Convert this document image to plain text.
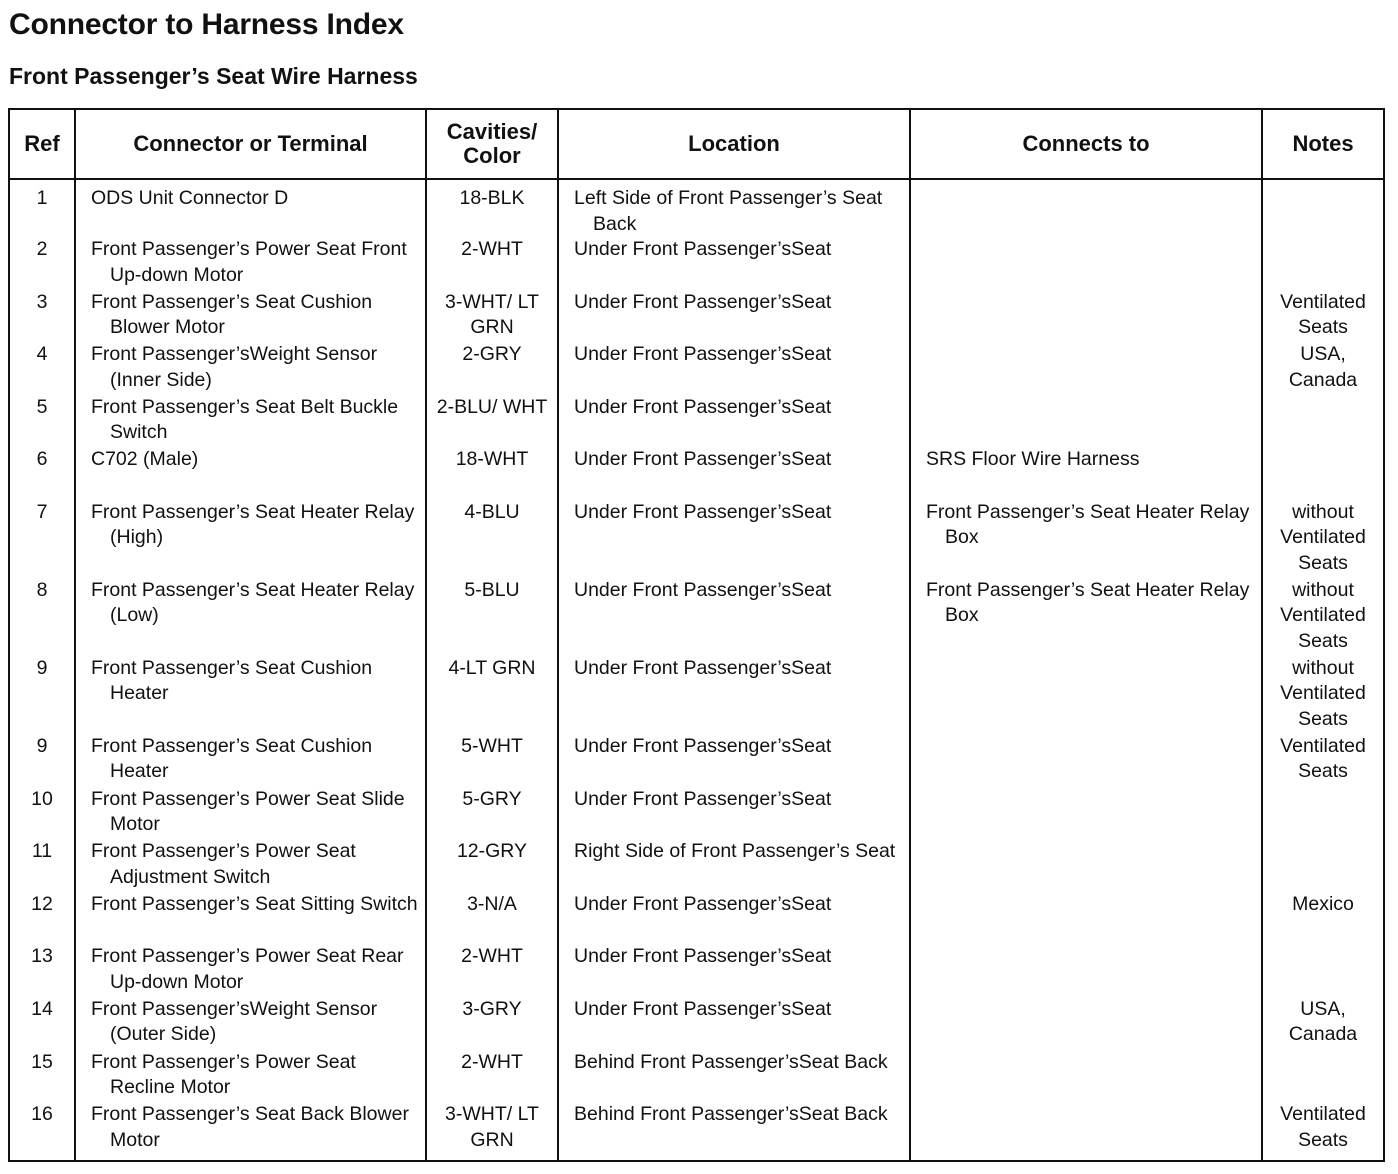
Connector to Harness Index
Front Passenger’s Seat Wire Harness
Ref	Connector or Terminal	Cavities/ Color	Location	Connects to	Notes
1	ODS Unit Connector D	18-BLK	Left Side of Front Passenger’s Seat Back		

2	Front Passenger’s Power Seat Front Up-down Motor	2-WHT	Under Front Passenger’sSeat		

3	Front Passenger’s Seat Cushion Blower Motor	3-WHT/ LT GRN	Under Front Passenger’sSeat		Ventilated Seats
4	Front Passenger’sWeight Sensor (Inner Side)	2-GRY	Under Front Passenger’sSeat		USA, Canada
5	Front Passenger’s Seat Belt Buckle Switch	2-BLU/ WHT	Under Front Passenger’sSeat		

6	C702 (Male)	18-WHT	Under Front Passenger’sSeat	SRS Floor Wire Harness	

7	Front Passenger’s Seat Heater Relay (High)	4-BLU	Under Front Passenger’sSeat	Front Passenger’s Seat Heater Relay Box	without Ventilated Seats
8	Front Passenger’s Seat Heater Relay (Low)	5-BLU	Under Front Passenger’sSeat	Front Passenger’s Seat Heater Relay Box	without Ventilated Seats
9	Front Passenger’s Seat Cushion Heater	4-LT GRN	Under Front Passenger’sSeat		without Ventilated Seats
9	Front Passenger’s Seat Cushion Heater	5-WHT	Under Front Passenger’sSeat		Ventilated Seats
10	Front Passenger’s Power Seat Slide Motor	5-GRY	Under Front Passenger’sSeat		

11	Front Passenger’s Power Seat Adjustment Switch	12-GRY	Right Side of Front Passenger’s Seat		

12	Front Passenger’s Seat Sitting Switch	3-N/A	Under Front Passenger’sSeat		Mexico
13	Front Passenger’s Power Seat Rear Up-down Motor	2-WHT	Under Front Passenger’sSeat		

14	Front Passenger’sWeight Sensor (Outer Side)	3-GRY	Under Front Passenger’sSeat		USA, Canada
15	Front Passenger’s Power Seat Recline Motor	2-WHT	Behind Front Passenger’sSeat Back		

16	Front Passenger’s Seat Back Blower Motor	3-WHT/ LT GRN	Behind Front Passenger’sSeat Back		Ventilated Seats
